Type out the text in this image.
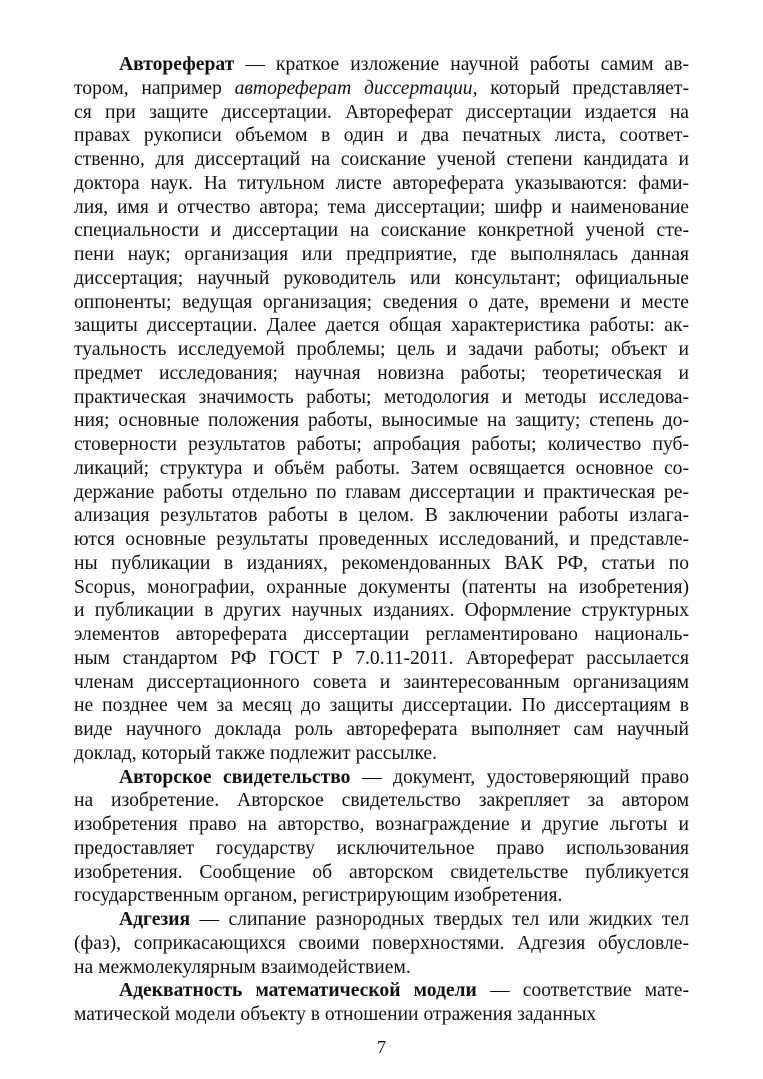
Автореферат — краткое изложение научной работы самим ав-
тором, например автореферат диссертации, который представляет-
ся при защите диссертации. Автореферат диссертации издается на
правах рукописи объемом в один и два печатных листа, соответ-
ственно, для диссертаций на соискание ученой степени кандидата и
доктора наук. На титульном листе автореферата указываются: фами-
лия, имя и отчество автора; тема диссертации; шифр и наименование
специальности и диссертации на соискание конкретной ученой сте-
пени наук; организация или предприятие, где выполнялась данная
диссертация; научный руководитель или консультант; официальные
оппоненты; ведущая организация; сведения о дате, времени и месте
защиты диссертации. Далее дается общая характеристика работы: ак-
туальность исследуемой проблемы; цель и задачи работы; объект и
предмет исследования; научная новизна работы; теоретическая и
практическая значимость работы; методология и методы исследова-
ния; основные положения работы, выносимые на защиту; степень до-
стоверности результатов работы; апробация работы; количество пуб-
ликаций; структура и объём работы. Затем освящается основное со-
держание работы отдельно по главам диссертации и практическая ре-
ализация результатов работы в целом. В заключении работы излага-
ются основные результаты проведенных исследований, и представле-
ны публикации в изданиях, рекомендованных ВАК РФ, статьи по
Scopus, монографии, охранные документы (патенты на изобретения)
и публикации в других научных изданиях. Оформление структурных
элементов автореферата диссертации регламентировано националь-
ным стандартом РФ ГОСТ Р 7.0.11-2011. Автореферат рассылается
членам диссертационного совета и заинтересованным организациям
не позднее чем за месяц до защиты диссертации. По диссертациям в
виде научного доклада роль автореферата выполняет сам научный
доклад, который также подлежит рассылке.
Авторское свидетельство — документ, удостоверяющий право
на изобретение. Авторское свидетельство закрепляет за автором
изобретения право на авторство, вознаграждение и другие льготы и
предоставляет государству исключительное право использования
изобретения. Сообщение об авторском свидетельстве публикуется
государственным органом, регистрирующим изобретения.
Адгезия — слипание разнородных твердых тел или жидких тел
(фаз), соприкасающихся своими поверхностями. Адгезия обусловле-
на межмолекулярным взаимодействием.
Адекватность математической модели — соответствие мате-
матической модели объекту в отношении отражения заданных
7
